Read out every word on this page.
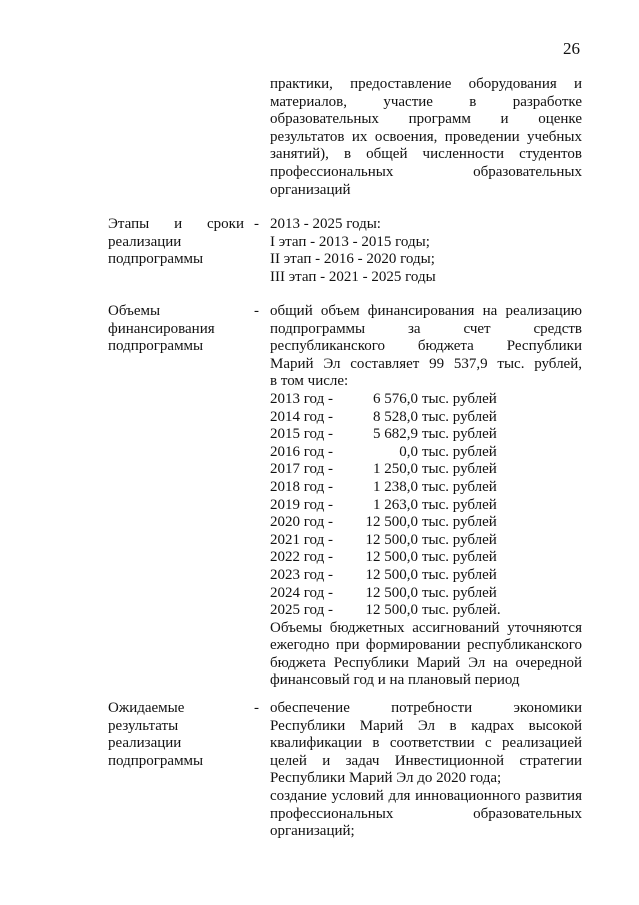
26
практики, предоставление оборудования и
материалов, участие в разработке
образовательных программ и оценке
результатов их освоения, проведении учебных
занятий), в общей численности студентов
профессиональных образовательных
организаций
Этапы и сроки
реализации
подпрограммы
- 2013 - 2025 годы:
I этап - 2013 - 2015 годы;
II этап - 2016 - 2020 годы;
III этап - 2021 - 2025 годы
Объемы
финансирования
подпрограммы
- общий объем финансирования на реализацию
подпрограммы за счет средств
республиканского бюджета Республики
Марий Эл составляет 99 537,9 тыс. рублей,
в том числе:
2013 год -	6 576,0 тыс. рублей
2014 год -	8 528,0 тыс. рублей
2015 год -	5 682,9 тыс. рублей
2016 год -	0,0 тыс. рублей
2017 год -	1 250,0 тыс. рублей
2018 год -	1 238,0 тыс. рублей
2019 год -	1 263,0 тыс. рублей
2020 год -	12 500,0 тыс. рублей
2021 год -	12 500,0 тыс. рублей
2022 год -	12 500,0 тыс. рублей
2023 год -	12 500,0 тыс. рублей
2024 год -	12 500,0 тыс. рублей
2025 год -	12 500,0 тыс. рублей.
Объемы бюджетных ассигнований уточняются
ежегодно при формировании республиканского
бюджета Республики Марий Эл на очередной
финансовый год и на плановый период
Ожидаемые
результаты
реализации
подпрограммы
- обеспечение потребности экономики
Республики Марий Эл в кадрах высокой
квалификации в соответствии с реализацией
целей и задач Инвестиционной стратегии
Республики Марий Эл до 2020 года;
создание условий для инновационного развития
профессиональных образовательных
организаций;
